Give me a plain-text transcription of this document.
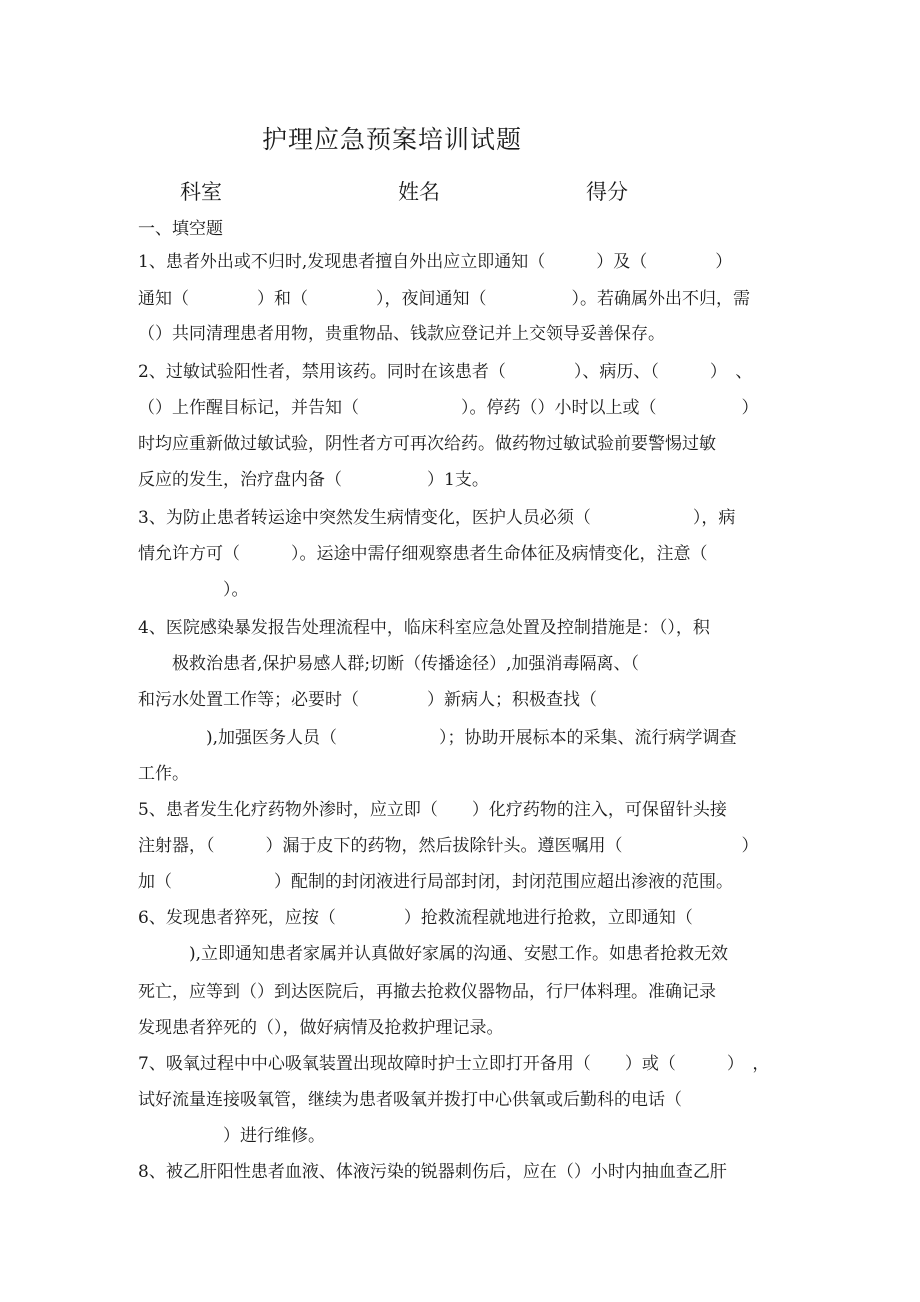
护理应急预案培训试题
科室	姓名	得分
一、填空题
1、患者外出或不归时,发现患者擅自外出应立即通知（　　　）及（　　　　）
通知（　　　　）和（　　　　），夜间通知（　　　　　）。若确属外出不归，需
（）共同清理患者用物，贵重物品、钱款应登记并上交领导妥善保存。
2、过敏试验阳性者，禁用该药。同时在该患者（　　　　）、病历、（　　　）　、
（）上作醒目标记，并告知（　　　　　　）。停药（）小时以上或（　　　　　）
时均应重新做过敏试验，阴性者方可再次给药。做药物过敏试验前要警惕过敏
反应的发生，治疗盘内备（　　　　　）1支。
3、为防止患者转运途中突然发生病情变化，医护人员必须（　　　　　　），病
情允许方可（　　　）。运途中需仔细观察患者生命体征及病情变化，注意（
　　　　　）。
4、医院感染暴发报告处理流程中，临床科室应急处置及控制措施是：（），积
　　极救治患者,保护易感人群;切断（传播途径）,加强消毒隔离、（
和污水处置工作等；必要时（　　　　）新病人；积极查找（
　　　　),加强医务人员（　　　　　　）；协助开展标本的采集、流行病学调查
工作。
5、患者发生化疗药物外渗时，应立即（　　）化疗药物的注入，可保留针头接
注射器，（　　　）漏于皮下的药物，然后拔除针头。遵医嘱用（　　　　　　　）
加（　　　　　　）配制的封闭液进行局部封闭，封闭范围应超出渗液的范围。
6、发现患者猝死，应按（　　　　）抢救流程就地进行抢救，立即通知（
　　　),立即通知患者家属并认真做好家属的沟通、安慰工作。如患者抢救无效
死亡，应等到（）到达医院后，再撤去抢救仪器物品，行尸体料理。准确记录
发现患者猝死的（），做好病情及抢救护理记录。
7、吸氧过程中中心吸氧装置出现故障时护士立即打开备用（　　）或（　　　）　，
试好流量连接吸氧管，继续为患者吸氧并拨打中心供氧或后勤科的电话（
　　　　　）进行维修。
8、被乙肝阳性患者血液、体液污染的锐器刺伤后，应在（）小时内抽血查乙肝
